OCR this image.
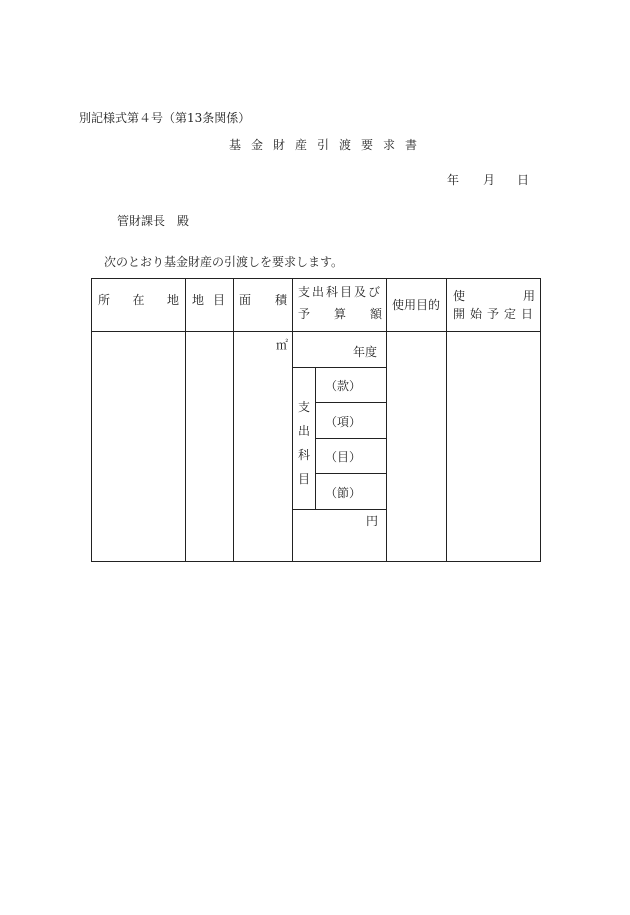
別記様式第４号（第13条関係）
基金財産引渡要求書
年 月 日
管財課長 殿
次のとおり基金財産の引渡しを要求します。
所 在 地 地 目 面 積
支出科目及び
予 算 額
使用目的
使	用
開始予定日
㎡	年度
支
出
科
目
（款）
（項）
（目）
（節）
円
